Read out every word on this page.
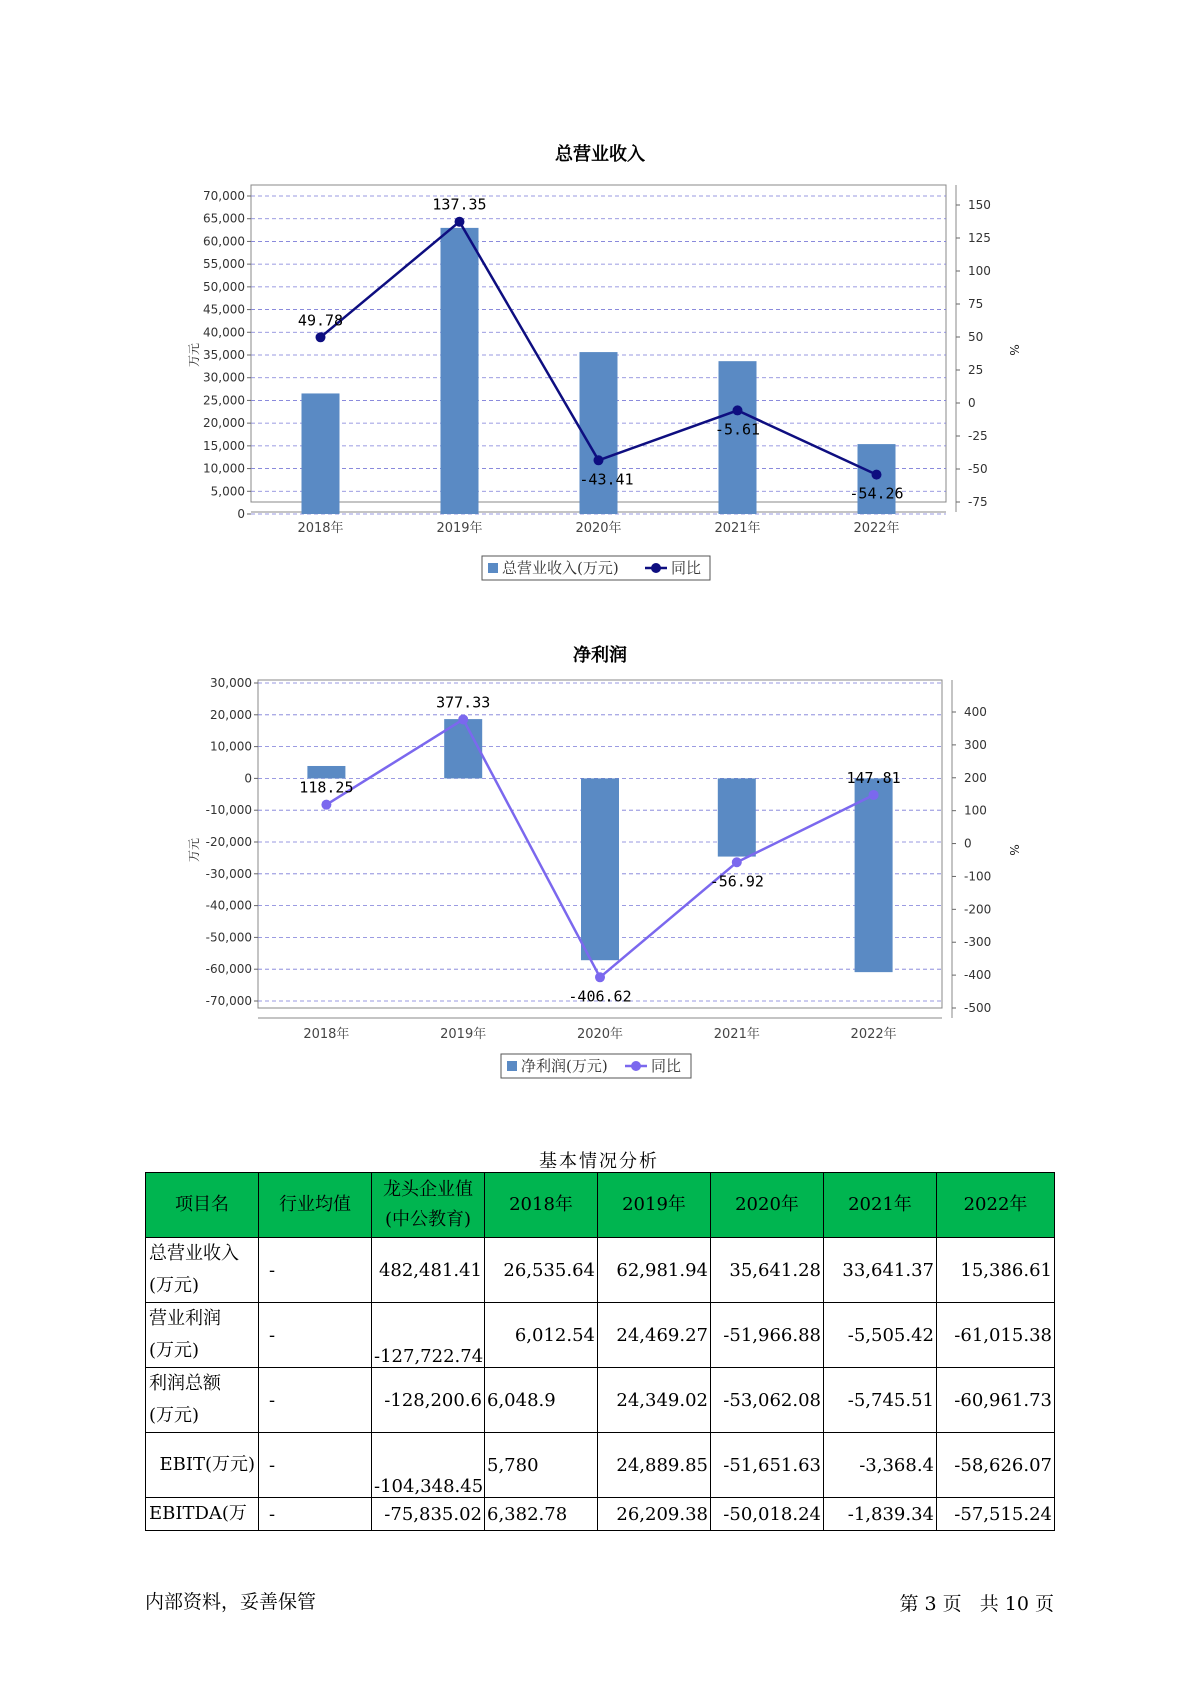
总营业收入
万元	%
0
5,000
10,000
15,000
20,000
25,000
30,000
35,000
40,000
45,000
50,000
55,000
60,000
65,000
70,000
-75
-50
-25
0
25
50
75
100
125
150
2018年	2019年	2020年	2021年	2022年
49.78
137.35
-43.41
-5.61
-54.26
总营业收入(万元)	同比
净利润
万元	%
-70,000
-60,000
-50,000
-40,000
-30,000
-20,000
-10,000
0
10,000
20,000
30,000
-500
-400
-300
-200
-100
0
100
200
300
400
2018年	2019年	2020年	2021年	2022年
118.25
377.33
-406.62
-56.92
147.81
净利润(万元)	同比
基本情况分析
项目名	行业均值	龙头企业值
(中公教育)	2018年	2019年	2020年	2021年	2022年

总营业收入
(万元)	-	482,481.41	26,535.64	62,981.94	35,641.28	33,641.37	15,386.61

营业利润
(万元)	-	-127,722.74	6,012.54	24,469.27	-51,966.88	-5,505.42	-61,015.38

利润总额
(万元)	-	-128,200.6	6,048.9	24,349.02	-53,062.08	-5,745.51	-60,961.73
EBIT(万元)	-	-104,348.45	5,780	24,889.85	-51,651.63	-3,368.4	-58,626.07
EBITDA(万	-	-75,835.02	6,382.78	26,209.38	-50,018.24	-1,839.34	-57,515.24
内部资料，妥善保管	第 3 页   共 10 页
